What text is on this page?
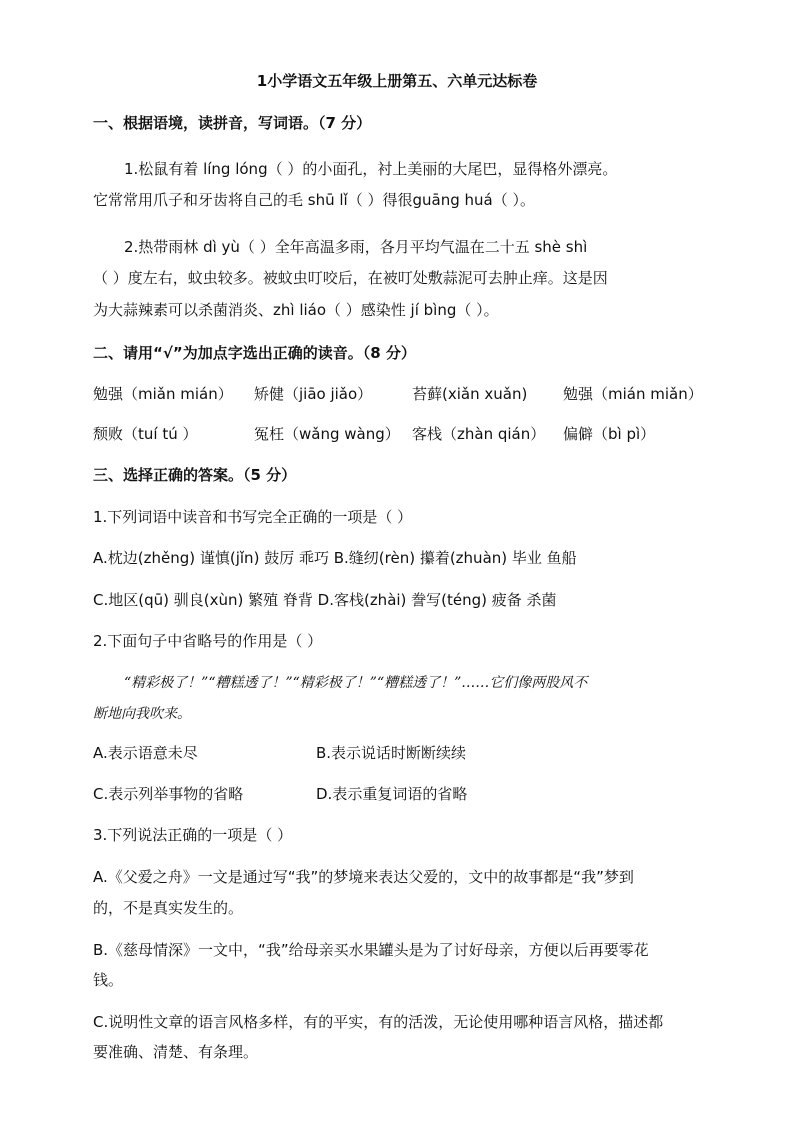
1小学语文五年级上册第五、六单元达标卷
一、根据语境，读拼音，写词语。（7 分）
1.松鼠有着 líng lóng（ ）的小面孔，衬上美丽的大尾巴，显得格外漂亮。
它常常用爪子和牙齿将自己的毛 shū lǐ（ ）得很guāng huá（ ）。
2.热带雨林 dì yù（ ）全年高温多雨，各月平均气温在二十五 shè shì
（ ）度左右，蚊虫较多。被蚊虫叮咬后，在被叮处敷蒜泥可去肿止痒。这是因
为大蒜辣素可以杀菌消炎、zhì liáo（ ）感染性 jí bìng（ ）。
二、请用“√”为加点字选出正确的读音。（8 分）
勉强（miǎn mián） 矫健（jiāo jiǎo）	苔藓(xiǎn xuǎn) 勉强（mián miǎn）
颓败（tuí tú ）	冤枉（wǎng wàng） 客栈（zhàn qián） 偏僻（bì pì）
三、选择正确的答案。（5 分）
1.下列词语中读音和书写完全正确的一项是（ ）
A.枕边(zhěng) 谨慎(jǐn) 鼓厉 乖巧 B.缝纫(rèn) 攥着(zhuàn) 毕业 鱼船
C.地区(qū) 驯良(xùn) 繁殖 脊背 D.客栈(zhài) 誊写(téng) 疲备 杀菌
2.下面句子中省略号的作用是（ ）
“精彩极了！”“糟糕透了！”“精彩极了！”“糟糕透了！”……它们像两股风不
断地向我吹来。
A.表示语意未尽	B.表示说话时断断续续
C.表示列举事物的省略	D.表示重复词语的省略
3.下列说法正确的一项是（ ）
A.《父爱之舟》一文是通过写“我”的梦境来表达父爱的，文中的故事都是“我”梦到
的，不是真实发生的。
B.《慈母情深》一文中，“我”给母亲买水果罐头是为了讨好母亲，方便以后再要零花
钱。
C.说明性文章的语言风格多样，有的平实，有的活泼，无论使用哪种语言风格，描述都
要准确、清楚、有条理。
